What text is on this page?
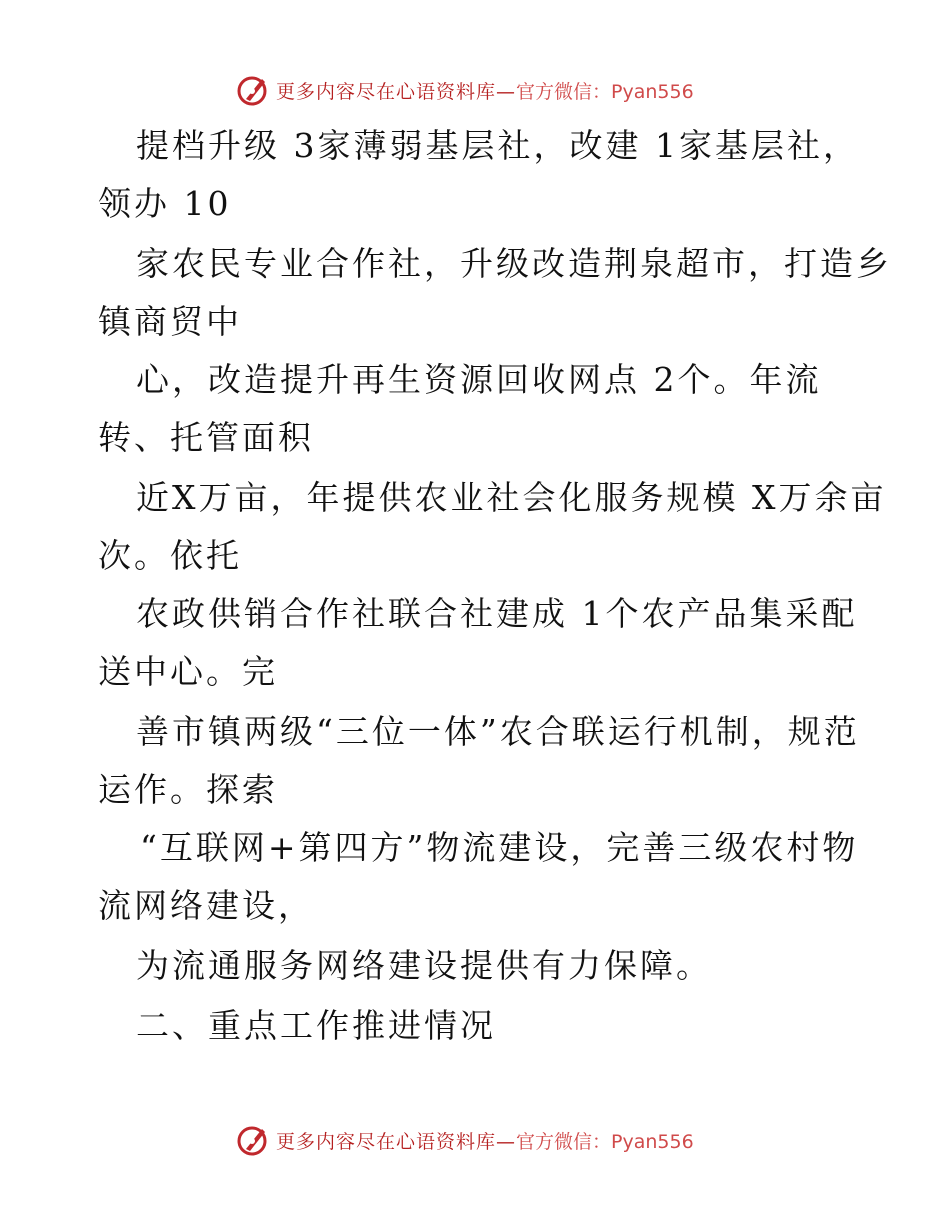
更多内容尽在心语资料库— 官方微信：Pyan556
提档升级 3家薄弱基层社，改建 1家基层社，
领办 10
家农民专业合作社，升级改造荆泉超市，打造乡
镇商贸中
心，改造提升再生资源回收网点 2个。年流
转、托管面积
近X万亩，年提供农业社会化服务规模 X万余亩
次。依托
农政供销合作社联合社建成 1个农产品集采配
送中心。完
善市镇两级“三位一体”农合联运行机制，规范
运作。探索
“互联网+第四方”物流建设，完善三级农村物
流网络建设，
为流通服务网络建设提供有力保障。
二、重点工作推进情况
更多内容尽在心语资料库— 官方微信：Pyan556
